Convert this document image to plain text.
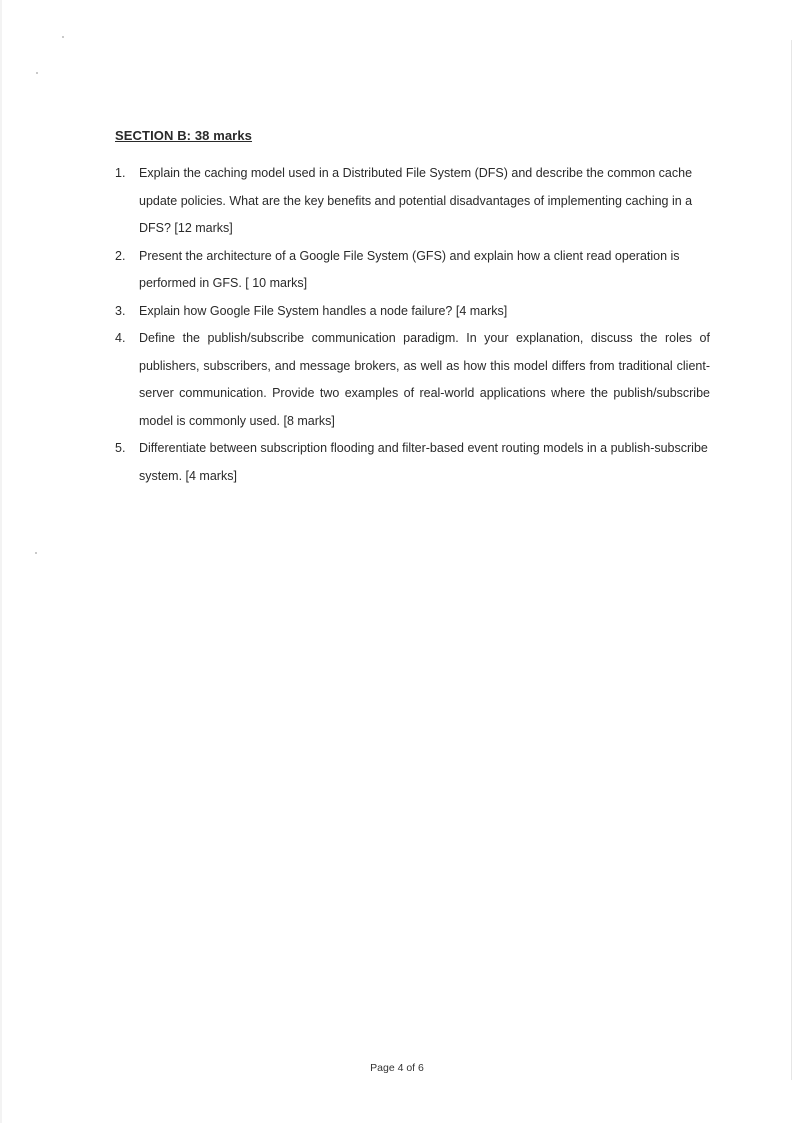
SECTION B: 38 marks
1. Explain the caching model used in a Distributed File System (DFS) and describe the common cache update policies. What are the key benefits and potential disadvantages of implementing caching in a DFS? [12 marks]
2. Present the architecture of a Google File System (GFS) and explain how a client read operation is performed in GFS. [ 10 marks]
3. Explain how Google File System handles a node failure? [4 marks]
4. Define the publish/subscribe communication paradigm. In your explanation, discuss the roles of publishers, subscribers, and message brokers, as well as how this model differs from traditional client-server communication. Provide two examples of real-world applications where the publish/subscribe model is commonly used. [8 marks]
5. Differentiate between subscription flooding and filter-based event routing models in a publish-subscribe system. [4 marks]
Page 4 of 6
